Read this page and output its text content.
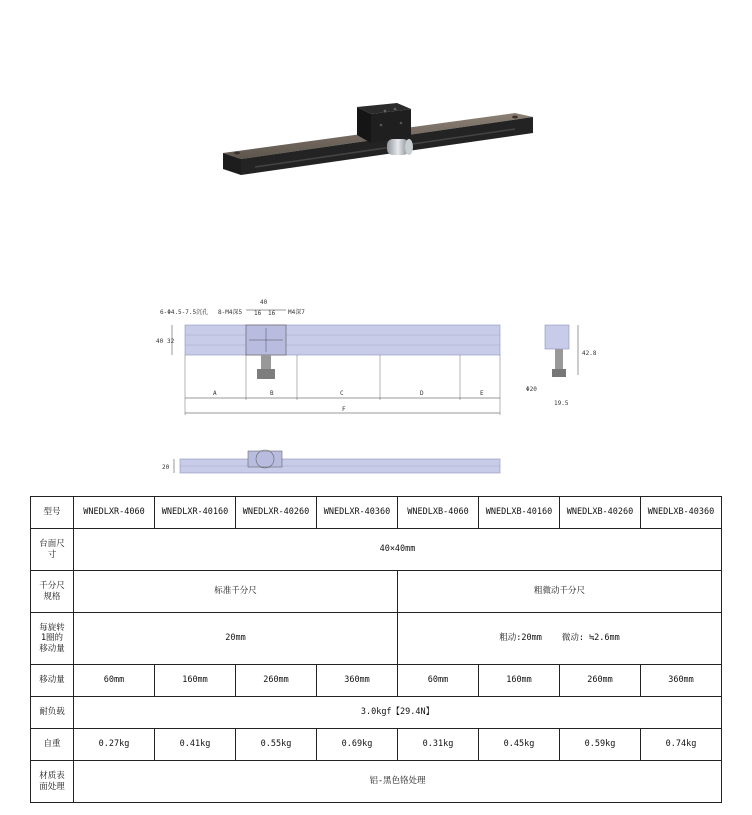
6-Φ4.5-7.5沉孔 8-M4深5
40
16 16 M4深7
40 32
A	B	C	D	E
F
Φ20
19.5
42.8
20
型号	WNEDLXR-4060	WNEDLXR-40160	WNEDLXR-40260	WNEDLXR-40360	WNEDLXB-4060	WNEDLXB-40160	WNEDLXB-40260	WNEDLXB-40360
台面尺寸	40×40mm							
千分尺规格	标准千分尺				粗微动千分尺			
每旋转1圈的移动量	20mm				粗动:20mm 微动: ≒2.6mm			
移动量	60mm	160mm	260mm	360mm	60mm	160mm	260mm	360mm
耐负载	3.0kgf【29.4N】							
自重	0.27kg	0.41kg	0.55kg	0.69kg	0.31kg	0.45kg	0.59kg	0.74kg
材质表面处理	铝-黑色铬处理							
